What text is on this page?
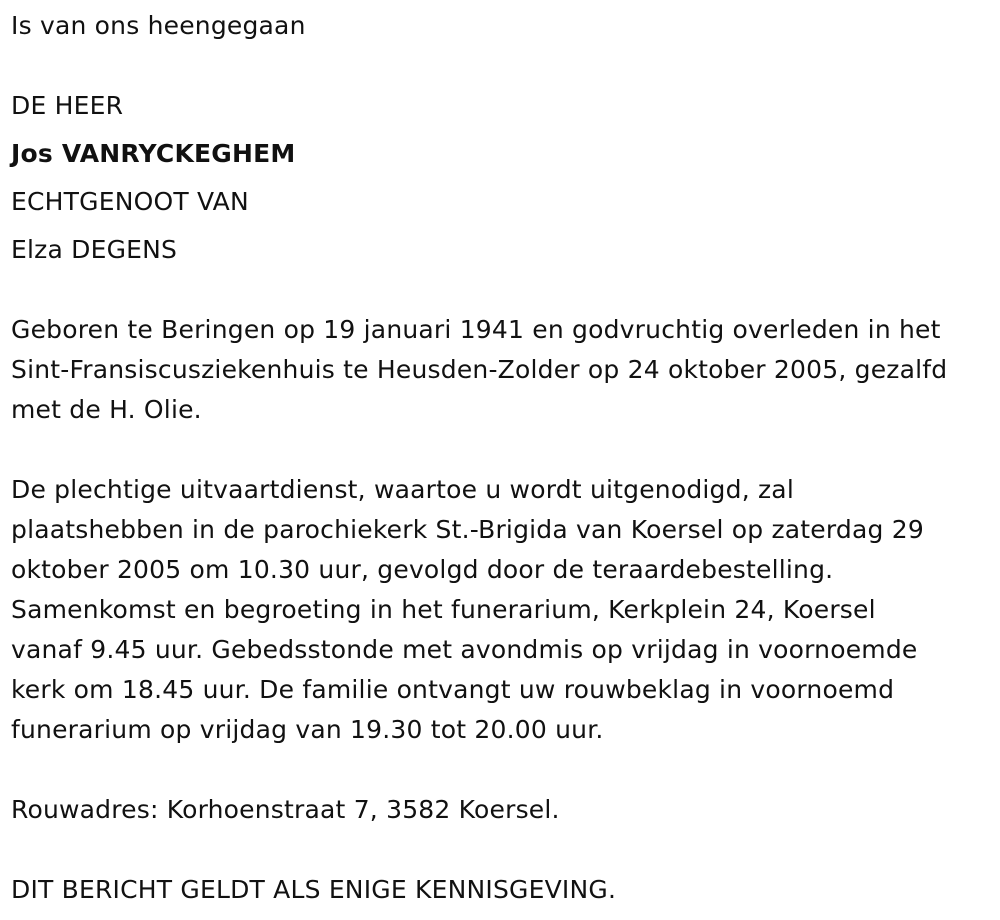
Is van ons heengegaan

DE HEER

Jos VANRYCKEGHEM

ECHTGENOOT VAN

Elza DEGENS

Geboren te Beringen op 19 januari 1941 en godvruchtig overleden in het

Sint-Fransiscusziekenhuis te Heusden-Zolder op 24 oktober 2005, gezalfd

met de H. Olie.

De plechtige uitvaartdienst, waartoe u wordt uitgenodigd, zal

plaatshebben in de parochiekerk St.-Brigida van Koersel op zaterdag 29

oktober 2005 om 10.30 uur, gevolgd door de teraardebestelling.

Samenkomst en begroeting in het funerarium, Kerkplein 24, Koersel

vanaf 9.45 uur. Gebedsstonde met avondmis op vrijdag in voornoemde

kerk om 18.45 uur. De familie ontvangt uw rouwbeklag in voornoemd

funerarium op vrijdag van 19.30 tot 20.00 uur.

Rouwadres: Korhoenstraat 7, 3582 Koersel.

DIT BERICHT GELDT ALS ENIGE KENNISGEVING.
